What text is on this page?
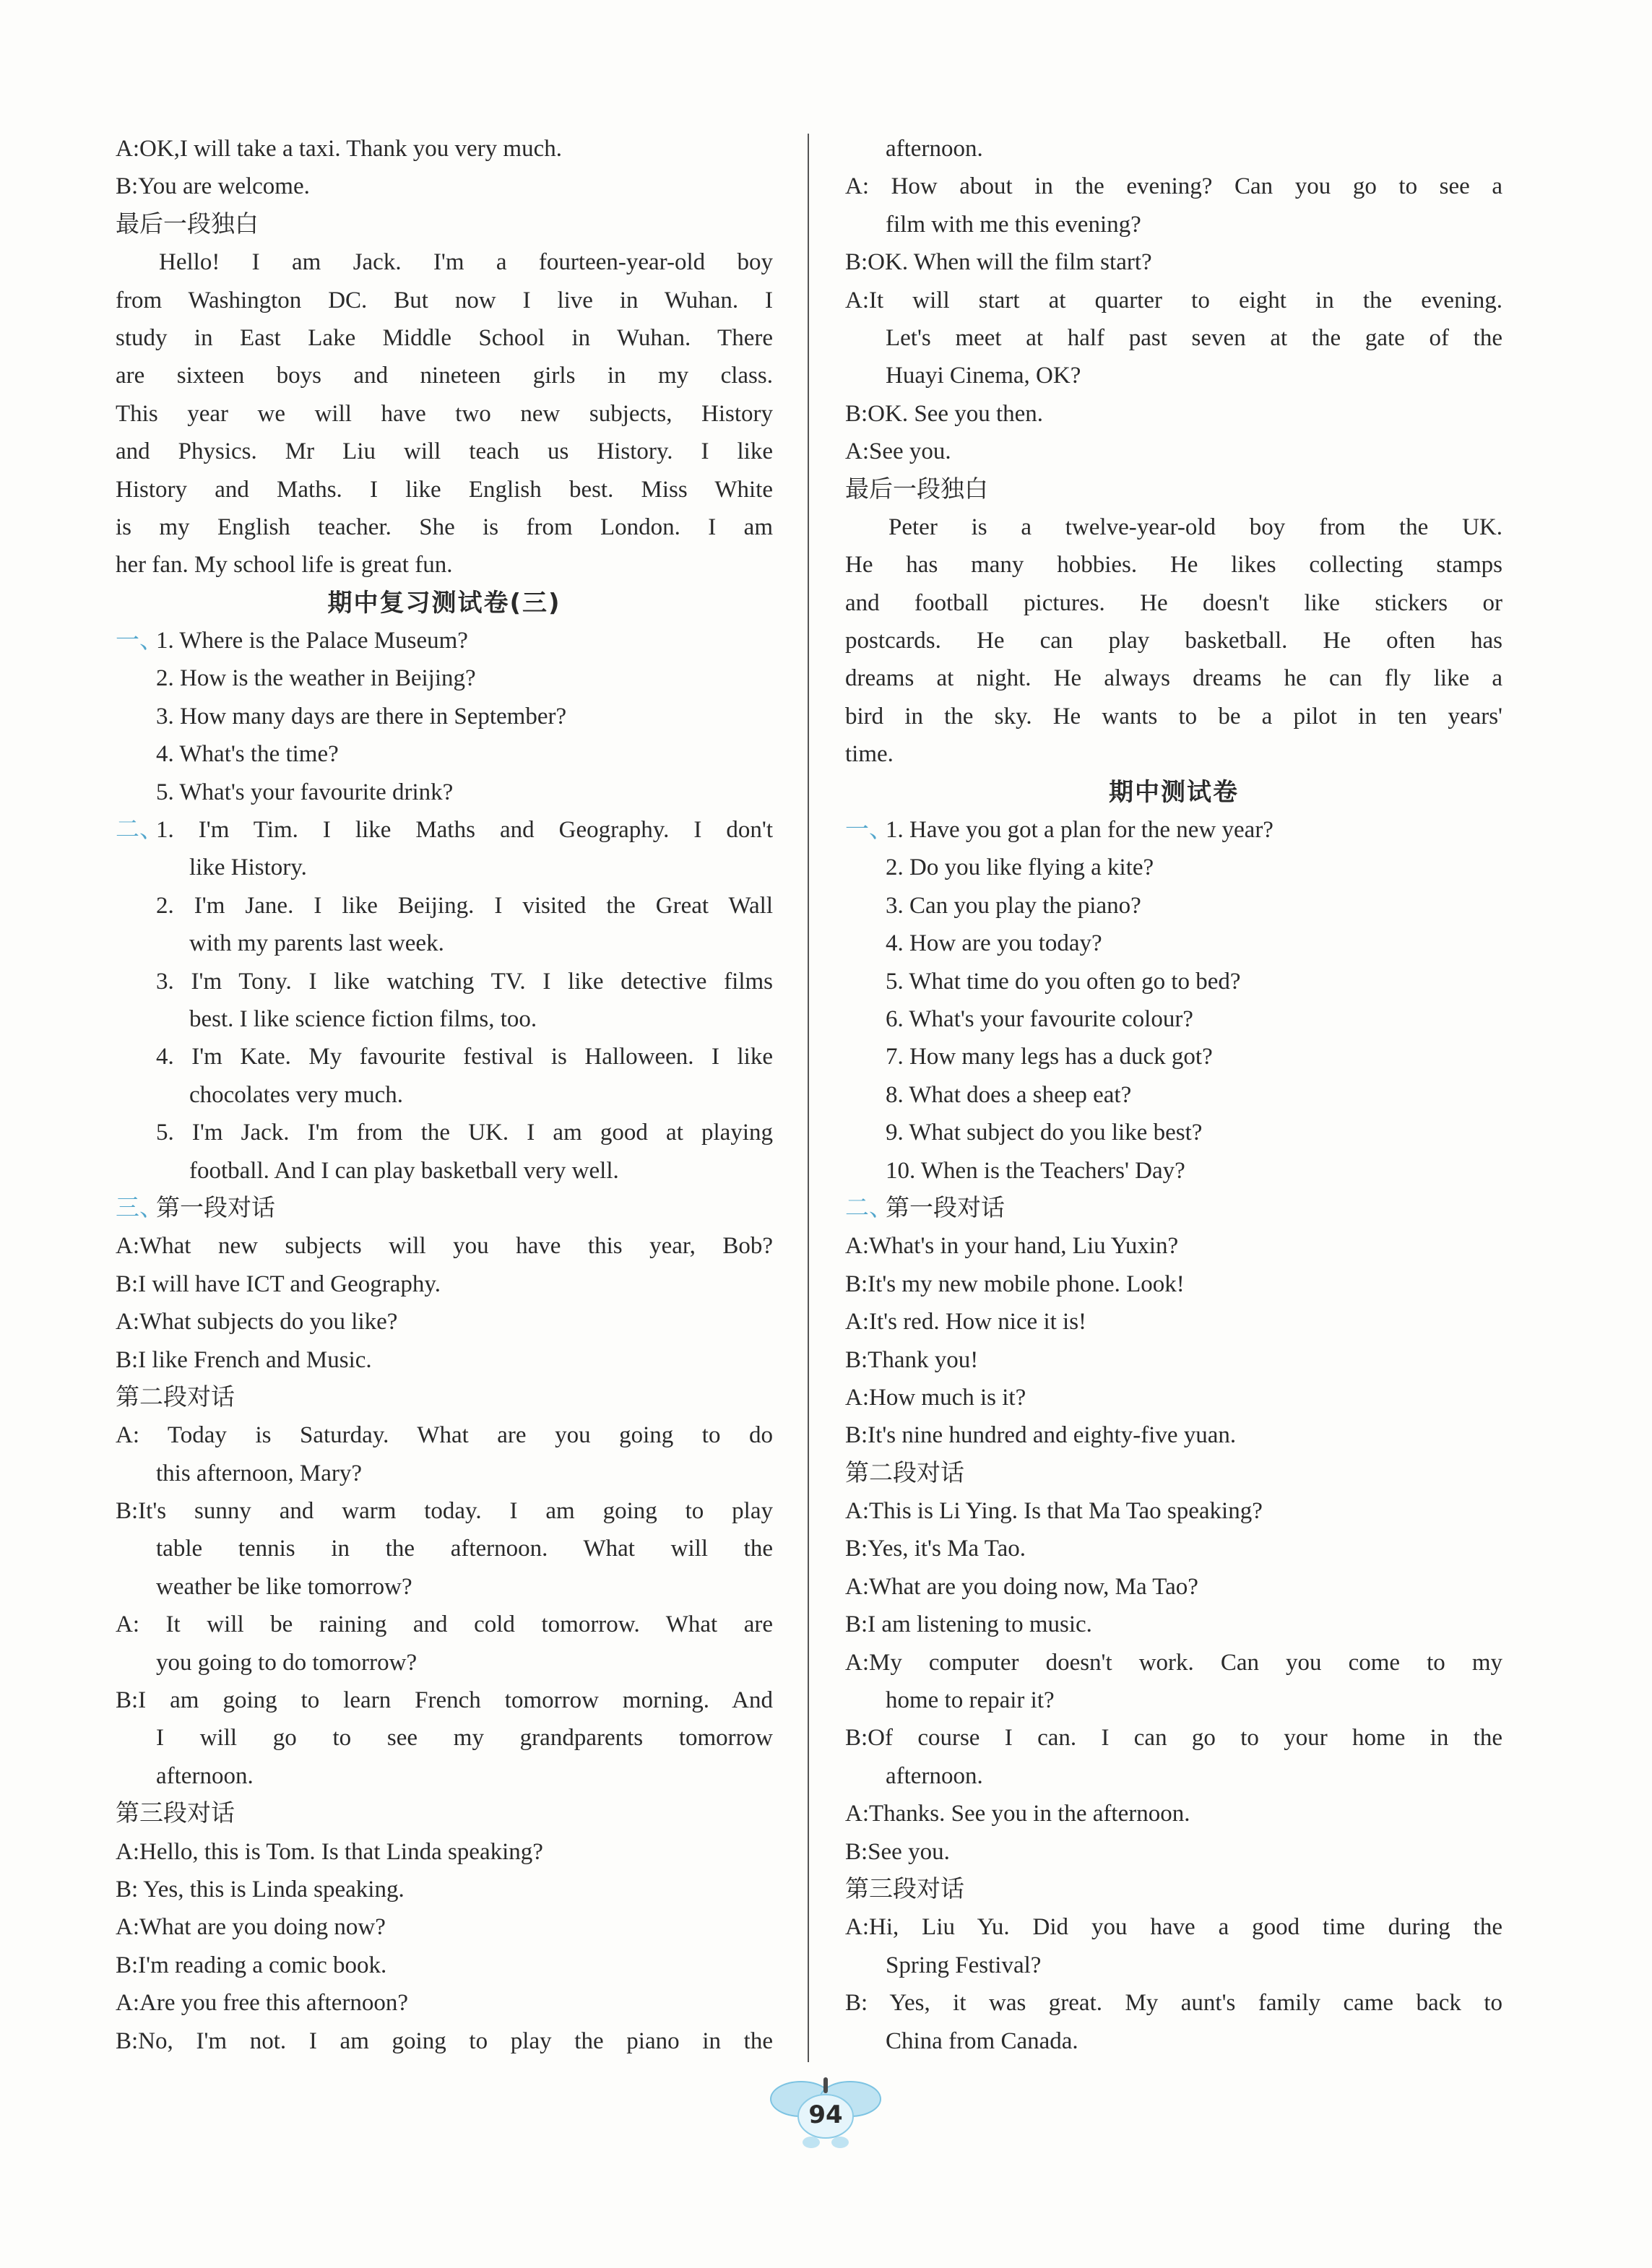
A:OK,I will take a taxi. Thank you very much.
B:You are welcome.
最后一段独白
Hello! I am Jack. I'm a fourteen-year-old boy
from Washington DC. But now I live in Wuhan. I
study in East Lake Middle School in Wuhan. There
are sixteen boys and nineteen girls in my class.
This year we will have two new subjects, History
and Physics. Mr Liu will teach us History. I like
History and Maths. I like English best. Miss White
is my English teacher. She is from London. I am
her fan. My school life is great fun.
期中复习测试卷(三)
一、1. Where is the Palace Museum?
2. How is the weather in Beijing?
3. How many days are there in September?
4. What's the time?
5. What's your favourite drink?
二、1. I'm Tim. I like Maths and Geography. I don't
like History.
2. I'm Jane. I like Beijing. I visited the Great Wall
with my parents last week.
3. I'm Tony. I like watching TV. I like detective films
best. I like science fiction films, too.
4. I'm Kate. My favourite festival is Halloween. I like
chocolates very much.
5. I'm Jack. I'm from the UK. I am good at playing
football. And I can play basketball very well.
三、第一段对话
A:What new subjects will you have this year, Bob?
B:I will have ICT and Geography.
A:What subjects do you like?
B:I like French and Music.
第二段对话
A: Today is Saturday. What are you going to do
this afternoon, Mary?
B:It's sunny and warm today. I am going to play
table tennis in the afternoon. What will the
weather be like tomorrow?
A: It will be raining and cold tomorrow. What are
you going to do tomorrow?
B:I am going to learn French tomorrow morning. And
I will go to see my grandparents tomorrow
afternoon.
第三段对话
A:Hello, this is Tom. Is that Linda speaking?
B: Yes, this is Linda speaking.
A:What are you doing now?
B:I'm reading a comic book.
A:Are you free this afternoon?
B:No, I'm not. I am going to play the piano in the
afternoon.
A: How about in the evening? Can you go to see a
film with me this evening?
B:OK. When will the film start?
A:It will start at quarter to eight in the evening.
Let's meet at half past seven at the gate of the
Huayi Cinema, OK?
B:OK. See you then.
A:See you.
最后一段独白
Peter is a twelve-year-old boy from the UK.
He has many hobbies. He likes collecting stamps
and football pictures. He doesn't like stickers or
postcards. He can play basketball. He often has
dreams at night. He always dreams he can fly like a
bird in the sky. He wants to be a pilot in ten years'
time.
期中测试卷
一、1. Have you got a plan for the new year?
2. Do you like flying a kite?
3. Can you play the piano?
4. How are you today?
5. What time do you often go to bed?
6. What's your favourite colour?
7. How many legs has a duck got?
8. What does a sheep eat?
9. What subject do you like best?
10. When is the Teachers' Day?
二、第一段对话
A:What's in your hand, Liu Yuxin?
B:It's my new mobile phone. Look!
A:It's red. How nice it is!
B:Thank you!
A:How much is it?
B:It's nine hundred and eighty-five yuan.
第二段对话
A:This is Li Ying. Is that Ma Tao speaking?
B:Yes, it's Ma Tao.
A:What are you doing now, Ma Tao?
B:I am listening to music.
A:My computer doesn't work. Can you come to my
home to repair it?
B:Of course I can. I can go to your home in the
afternoon.
A:Thanks. See you in the afternoon.
B:See you.
第三段对话
A:Hi, Liu Yu. Did you have a good time during the
Spring Festival?
B: Yes, it was great. My aunt's family came back to
China from Canada.
94
